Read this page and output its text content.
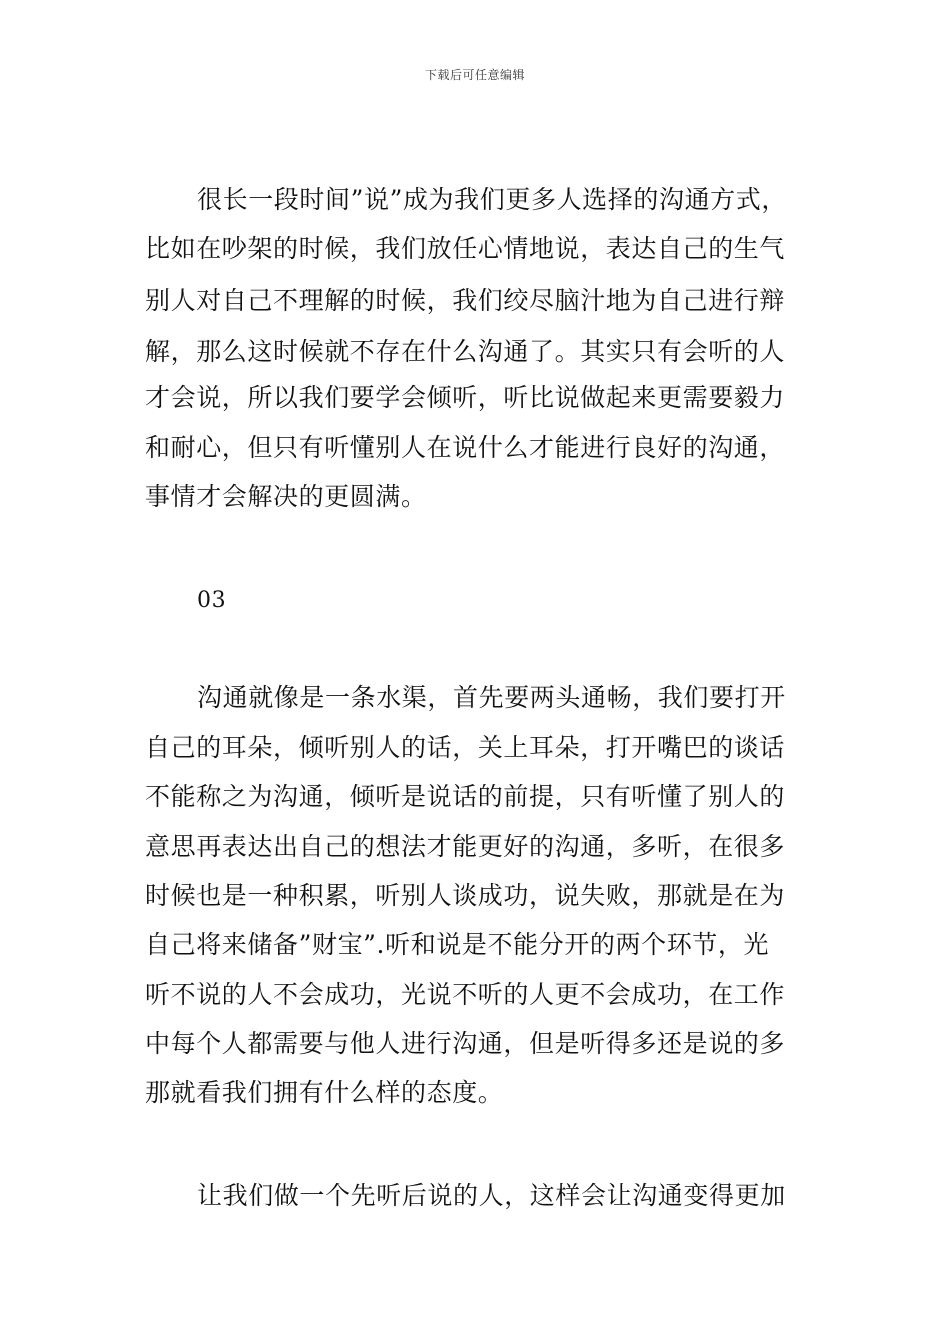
下载后可任意编辑
很长一段时间”说”成为我们更多人选择的沟通方式，
比如在吵架的时候，我们放任心情地说，表达自己的生气
别人对自己不理解的时候，我们绞尽脑汁地为自己进行辩
解，那么这时候就不存在什么沟通了。其实只有会听的人
才会说，所以我们要学会倾听，听比说做起来更需要毅力
和耐心，但只有听懂别人在说什么才能进行良好的沟通，
事情才会解决的更圆满。
03
沟通就像是一条水渠，首先要两头通畅，我们要打开
自己的耳朵，倾听别人的话，关上耳朵，打开嘴巴的谈话
不能称之为沟通，倾听是说话的前提，只有听懂了别人的
意思再表达出自己的想法才能更好的沟通，多听，在很多
时候也是一种积累，听别人谈成功，说失败，那就是在为
自己将来储备”财宝”.听和说是不能分开的两个环节，光
听不说的人不会成功，光说不听的人更不会成功，在工作
中每个人都需要与他人进行沟通，但是听得多还是说的多
那就看我们拥有什么样的态度。
让我们做一个先听后说的人，这样会让沟通变得更加
